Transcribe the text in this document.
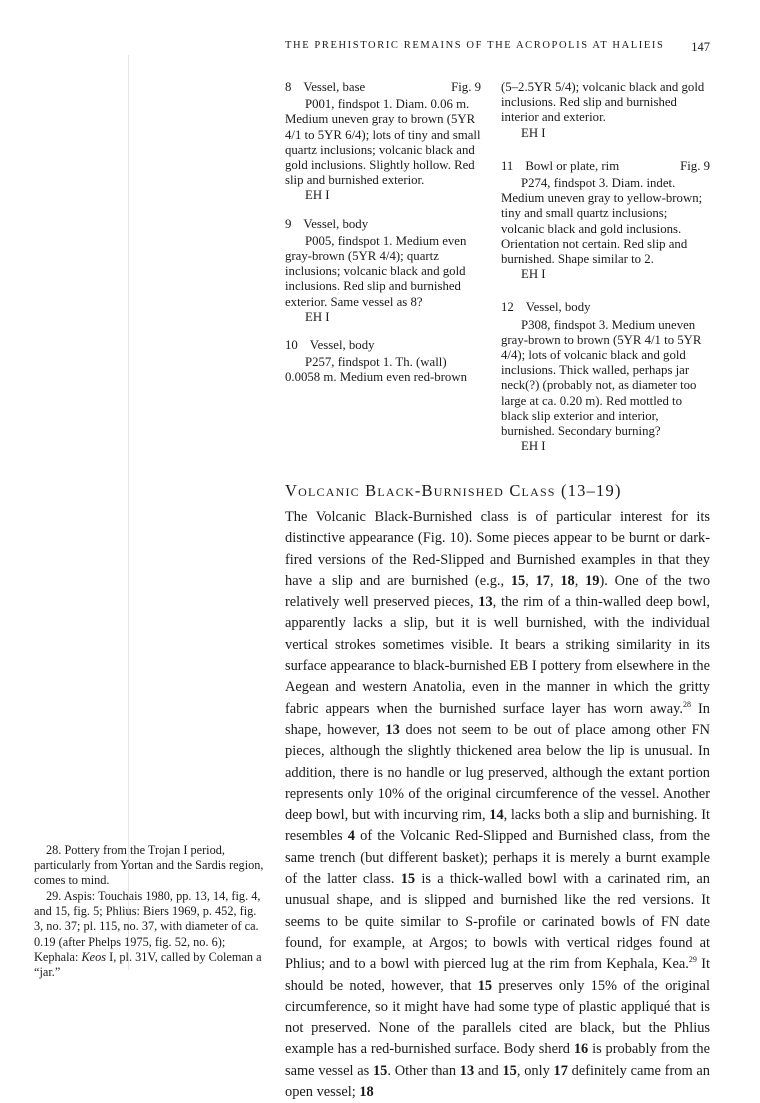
THE PREHISTORIC REMAINS OF THE ACROPOLIS AT HALIEIS 147
8 Vessel, base	Fig. 9

P001, findspot 1. Diam. 0.06 m. Medium uneven gray to brown (5YR 4/1 to 5YR 6/4); lots of tiny and small quartz inclusions; volcanic black and gold inclusions. Slightly hollow. Red slip and burnished exterior.

EH I
9 Vessel, body

P005, findspot 1. Medium even gray-brown (5YR 4/4); quartz inclusions; volcanic black and gold inclusions. Red slip and burnished exterior. Same vessel as 8?

EH I
10 Vessel, body

P257, findspot 1. Th. (wall) 0.0058 m. Medium even red-brown

(5–2.5YR 5/4); volcanic black and gold inclusions. Red slip and burnished interior and exterior.
EH I
11 Bowl or plate, rim	Fig. 9

P274, findspot 3. Diam. indet. Medium uneven gray to yellow-brown; tiny and small quartz inclusions; volcanic black and gold inclusions. Orientation not certain. Red slip and burnished. Shape similar to 2.

EH I
12 Vessel, body

P308, findspot 3. Medium uneven gray-brown to brown (5YR 4/1 to 5YR 4/4); lots of volcanic black and gold inclusions. Thick walled, perhaps jar neck(?) (probably not, as diameter too large at ca. 0.20 m). Red mottled to black slip exterior and interior, burnished. Secondary burning?

EH I
Volcanic Black-Burnished Class (13–19)
The Volcanic Black-Burnished class is of particular interest for its distinctive appearance (Fig. 10). Some pieces appear to be burnt or dark-fired versions of the Red-Slipped and Burnished examples in that they have a slip and are burnished (e.g., 15, 17, 18, 19). One of the two relatively well preserved pieces, 13, the rim of a thin-walled deep bowl, apparently lacks a slip, but it is well burnished, with the individual vertical strokes sometimes visible. It bears a striking similarity in its surface appearance to black-burnished EB I pottery from elsewhere in the Aegean and western Anatolia, even in the manner in which the gritty fabric appears when the burnished surface layer has worn away.$^{28}$ In shape, however, 13 does not seem to be out of place among other FN pieces, although the slightly thickened area below the lip is unusual. In addition, there is no handle or lug preserved, although the extant portion represents only 10% of the original circumference of the vessel. Another deep bowl, but with incurving rim, 14, lacks both a slip and burnishing. It resembles 4 of the Volcanic Red-Slipped and Burnished class, from the same trench (but different basket); perhaps it is merely a burnt example of the latter class. 15 is a thick-walled bowl with a carinated rim, an unusual shape, and is slipped and burnished like the red versions. It seems to be quite similar to S-profile or carinated bowls of FN date found, for example, at Argos; to bowls with vertical ridges found at Phlius; and to a bowl with pierced lug at the rim from Kephala, Kea.$^{29}$ It should be noted, however, that 15 preserves only 15% of the original circumference, so it might have had some type of plastic appliqué that is not preserved. None of the parallels cited are black, but the Phlius example has a red-burnished surface. Body sherd 16 is probably from the same vessel as 15. Other than 13 and 15, only 17 definitely came from an open vessel; 18

28. Pottery from the Trojan I period, particularly from Yortan and the Sardis region, comes to mind.

29. Aspis: Touchais 1980, pp. 13, 14, fig. 4, and 15, fig. 5; Phlius: Biers 1969, p. 452, fig. 3, no. 37; pl. 115, no. 37, with diameter of ca. 0.19 (after Phelps 1975, fig. 52, no. 6); Kephala: Keos I, pl. 31V, called by Coleman a “jar.”
